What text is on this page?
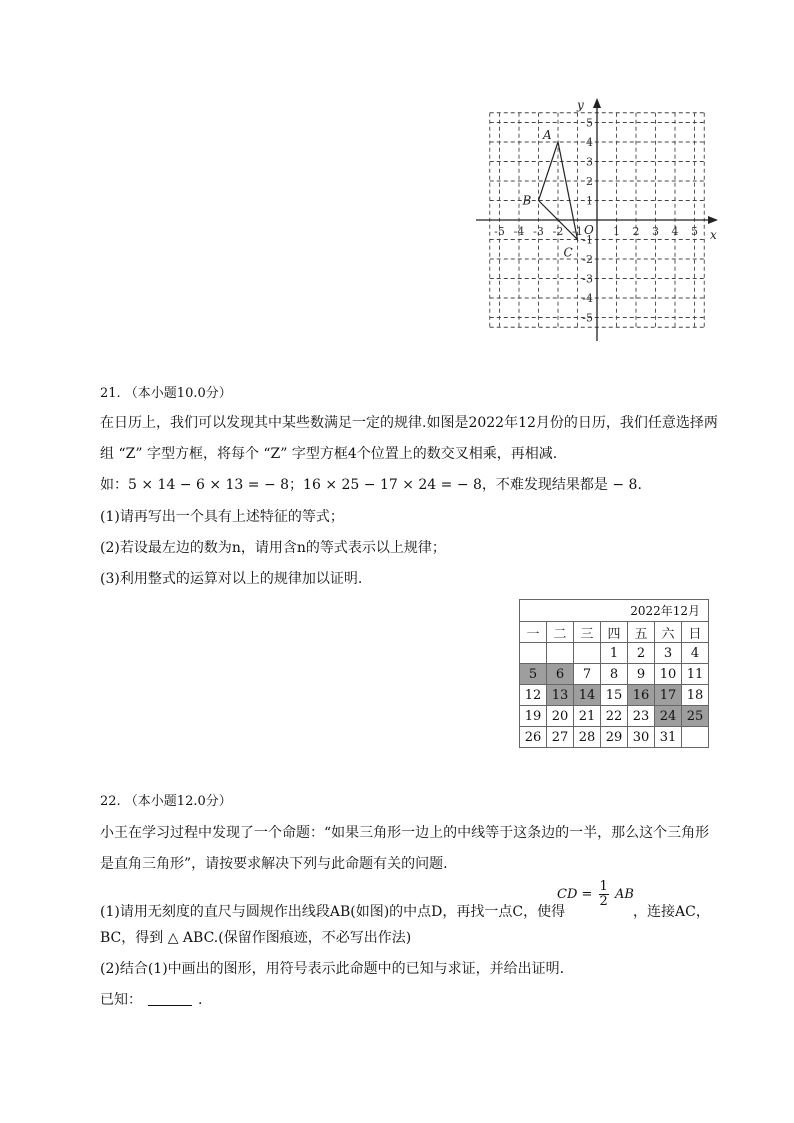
x
y
O
-5 -4 -3 -2 -1	1 2 3 4 5
5
4
3
2
1
-1
-2
-3
-4
-5
A
B
C
21. （本小题10.0分）
在日历上，我们可以发现其中某些数满足一定的规律.如图是2022年12月份的日历，我们任意选择两
组 “Z” 字型方框，将每个 “Z” 字型方框4个位置上的数交叉相乘，再相减.
如：5 × 14 − 6 × 13 = − 8；16 × 25 − 17 × 24 = − 8，不难发现结果都是 − 8.
(1)请再写出一个具有上述特征的等式；
(2)若设最左边的数为n，请用含n的等式表示以上规律；
(3)利用整式的运算对以上的规律加以证明.
2022年12月						
一	二	三	四	五	六	日
			1	2	3	4
5	6	7	8	9	10	11
12	13	14	15	16	17	18
19	20	21	22	23	24	25
26	27	28	29	30	31	
22. （本小题12.0分）
小王在学习过程中发现了一个命题：“如果三角形一边上的中线等于这条边的一半，那么这个三角形
是直角三角形”，请按要求解决下列与此命题有关的问题.
(1)请用无刻度的直尺与圆规作出线段AB(如图)的中点D，再找一点C，使得
CD = $\frac{1}{2}$ AB
，连接AC，
BC，得到 △ ABC.(保留作图痕迹，不必写出作法)
(2)结合(1)中画出的图形，用符号表示此命题中的已知与求证，并给出证明.
已知：	.
